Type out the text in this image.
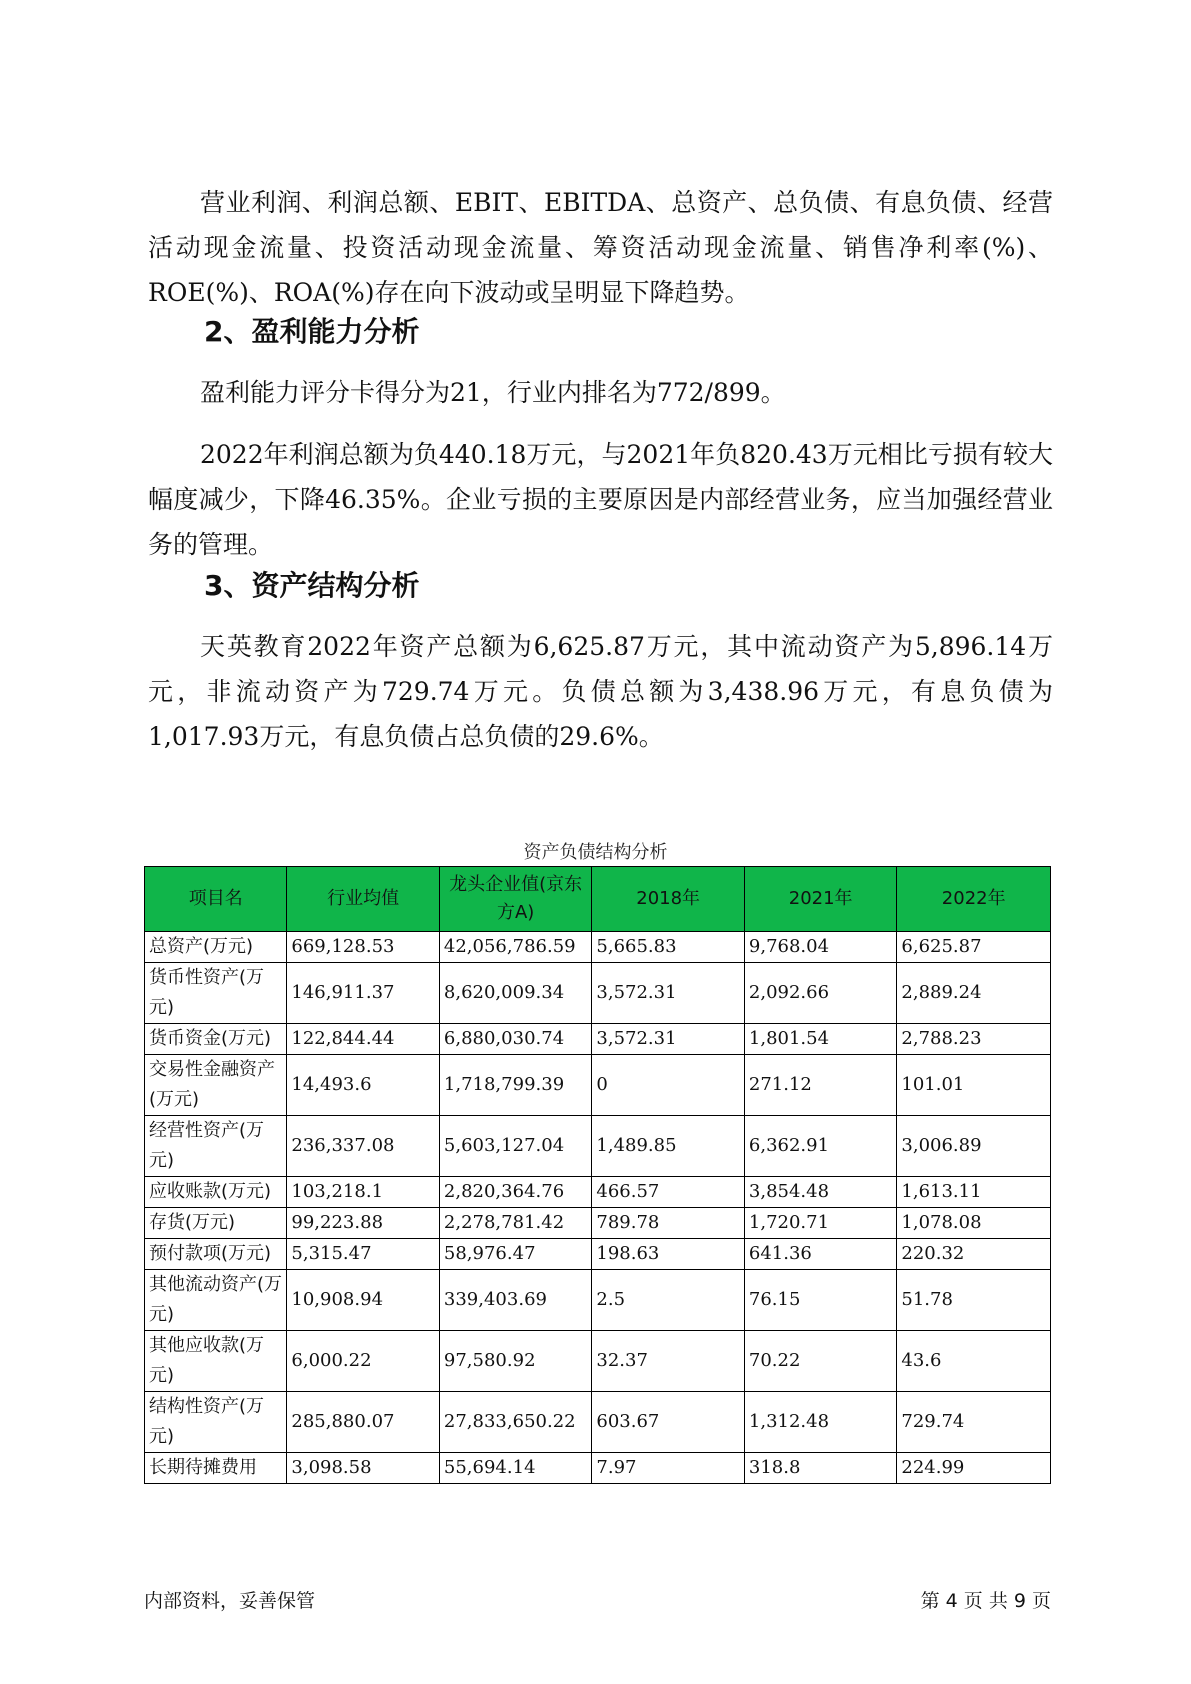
营业利润、利润总额、EBIT、EBITDA、总资产、总负债、有息负债、经营活动现金流量、投资活动现金流量、筹资活动现金流量、销售净利率(%)、ROE(%)、ROA(%)存在向下波动或呈明显下降趋势。
2、盈利能力分析
盈利能力评分卡得分为21，行业内排名为772/899。
2022年利润总额为负440.18万元，与2021年负820.43万元相比亏损有较大幅度减少，下降46.35%。企业亏损的主要原因是内部经营业务，应当加强经营业务的管理。
3、资产结构分析
天英教育2022年资产总额为6,625.87万元，其中流动资产为5,896.14万元，非流动资产为729.74万元。负债总额为3,438.96万元，有息负债为1,017.93万元，有息负债占总负债的29.6%。
资产负债结构分析
项目名	行业均值	龙头企业值(京东方A)	2018年	2021年	2022年
总资产(万元)	669,128.53	42,056,786.59	5,665.83	9,768.04	6,625.87
货币性资产(万元)	146,911.37	8,620,009.34	3,572.31	2,092.66	2,889.24
货币资金(万元)	122,844.44	6,880,030.74	3,572.31	1,801.54	2,788.23
交易性金融资产(万元)	14,493.6	1,718,799.39	0	271.12	101.01
经营性资产(万元)	236,337.08	5,603,127.04	1,489.85	6,362.91	3,006.89
应收账款(万元)	103,218.1	2,820,364.76	466.57	3,854.48	1,613.11
存货(万元)	99,223.88	2,278,781.42	789.78	1,720.71	1,078.08
预付款项(万元)	5,315.47	58,976.47	198.63	641.36	220.32
其他流动资产(万元)	10,908.94	339,403.69	2.5	76.15	51.78
其他应收款(万元)	6,000.22	97,580.92	32.37	70.22	43.6
结构性资产(万元)	285,880.07	27,833,650.22	603.67	1,312.48	729.74
长期待摊费用	3,098.58	55,694.14	7.97	318.8	224.99
内部资料，妥善保管	第 4 页 共 9 页
